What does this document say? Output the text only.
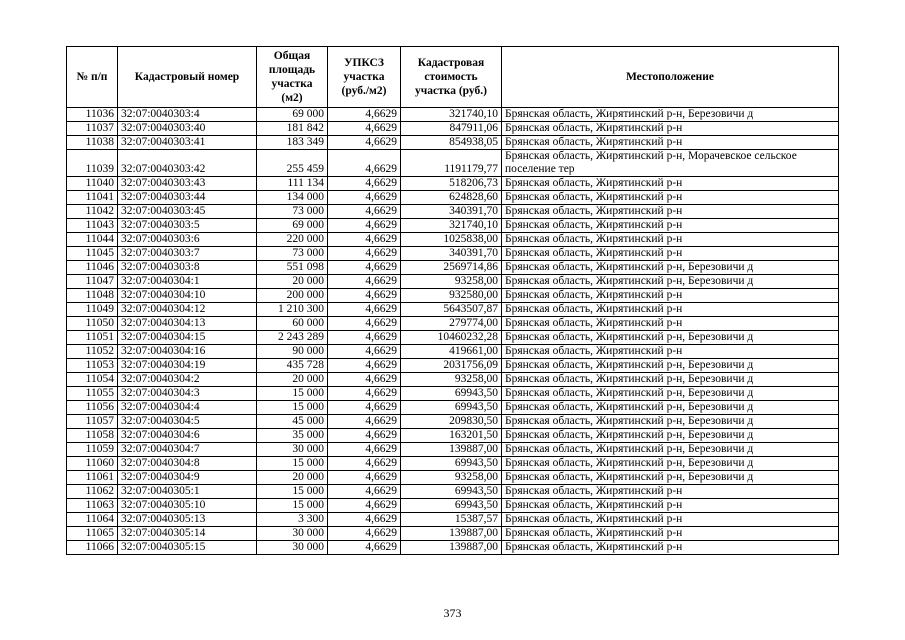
№ п/п	Кадастровый номер	Общая площадь участка (м2)	УПКСЗ участка (руб./м2)	Кадастровая стоимость участка (руб.)	Местоположение
11036	32:07:0040303:4	69 000	4,6629	321740,10	Брянская область, Жирятинский р-н, Березовичи д
11037	32:07:0040303:40	181 842	4,6629	847911,06	Брянская область, Жирятинский р-н
11038	32:07:0040303:41	183 349	4,6629	854938,05	Брянская область, Жирятинский р-н
11039	32:07:0040303:42	255 459	4,6629	1191179,77	Брянская область, Жирятинский р-н, Морачевское сельское поселение тер
11040	32:07:0040303:43	111 134	4,6629	518206,73	Брянская область, Жирятинский р-н
11041	32:07:0040303:44	134 000	4,6629	624828,60	Брянская область, Жирятинский р-н
11042	32:07:0040303:45	73 000	4,6629	340391,70	Брянская область, Жирятинский р-н
11043	32:07:0040303:5	69 000	4,6629	321740,10	Брянская область, Жирятинский р-н
11044	32:07:0040303:6	220 000	4,6629	1025838,00	Брянская область, Жирятинский р-н
11045	32:07:0040303:7	73 000	4,6629	340391,70	Брянская область, Жирятинский р-н
11046	32:07:0040303:8	551 098	4,6629	2569714,86	Брянская область, Жирятинский р-н, Березовичи д
11047	32:07:0040304:1	20 000	4,6629	93258,00	Брянская область, Жирятинский р-н, Березовичи д
11048	32:07:0040304:10	200 000	4,6629	932580,00	Брянская область, Жирятинский р-н
11049	32:07:0040304:12	1 210 300	4,6629	5643507,87	Брянская область, Жирятинский р-н
11050	32:07:0040304:13	60 000	4,6629	279774,00	Брянская область, Жирятинский р-н
11051	32:07:0040304:15	2 243 289	4,6629	10460232,28	Брянская область, Жирятинский р-н, Березовичи д
11052	32:07:0040304:16	90 000	4,6629	419661,00	Брянская область, Жирятинский р-н
11053	32:07:0040304:19	435 728	4,6629	2031756,09	Брянская область, Жирятинский р-н, Березовичи д
11054	32:07:0040304:2	20 000	4,6629	93258,00	Брянская область, Жирятинский р-н, Березовичи д
11055	32:07:0040304:3	15 000	4,6629	69943,50	Брянская область, Жирятинский р-н, Березовичи д
11056	32:07:0040304:4	15 000	4,6629	69943,50	Брянская область, Жирятинский р-н, Березовичи д
11057	32:07:0040304:5	45 000	4,6629	209830,50	Брянская область, Жирятинский р-н, Березовичи д
11058	32:07:0040304:6	35 000	4,6629	163201,50	Брянская область, Жирятинский р-н, Березовичи д
11059	32:07:0040304:7	30 000	4,6629	139887,00	Брянская область, Жирятинский р-н, Березовичи д
11060	32:07:0040304:8	15 000	4,6629	69943,50	Брянская область, Жирятинский р-н, Березовичи д
11061	32:07:0040304:9	20 000	4,6629	93258,00	Брянская область, Жирятинский р-н, Березовичи д
11062	32:07:0040305:1	15 000	4,6629	69943,50	Брянская область, Жирятинский р-н
11063	32:07:0040305:10	15 000	4,6629	69943,50	Брянская область, Жирятинский р-н
11064	32:07:0040305:13	3 300	4,6629	15387,57	Брянская область, Жирятинский р-н
11065	32:07:0040305:14	30 000	4,6629	139887,00	Брянская область, Жирятинский р-н
11066	32:07:0040305:15	30 000	4,6629	139887,00	Брянская область, Жирятинский р-н
373
